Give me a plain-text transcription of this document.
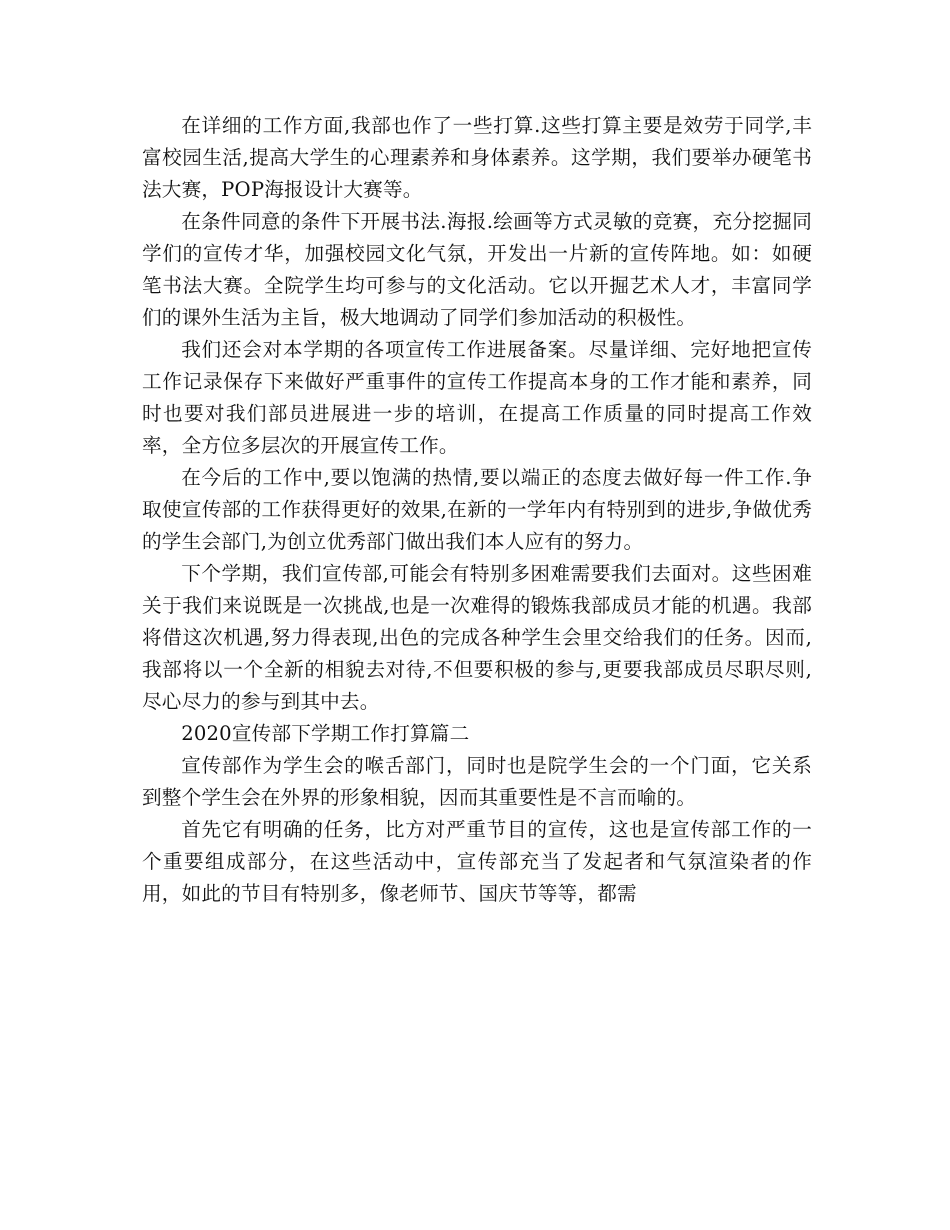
在详细的工作方面,我部也作了一些打算.这些打算主要是效劳于同学,丰富校园生活,提高大学生的心理素养和身体素养。这学期，我们要举办硬笔书法大赛，POP海报设计大赛等。

在条件同意的条件下开展书法.海报.绘画等方式灵敏的竞赛，充分挖掘同学们的宣传才华，加强校园文化气氛，开发出一片新的宣传阵地。如：如硬笔书法大赛。全院学生均可参与的文化活动。它以开掘艺术人才，丰富同学们的课外生活为主旨，极大地调动了同学们参加活动的积极性。

我们还会对本学期的各项宣传工作进展备案。尽量详细、完好地把宣传工作记录保存下来做好严重事件的宣传工作提高本身的工作才能和素养，同时也要对我们部员进展进一步的培训，在提高工作质量的同时提高工作效率，全方位多层次的开展宣传工作。

在今后的工作中,要以饱满的热情,要以端正的态度去做好每一件工作.争取使宣传部的工作获得更好的效果,在新的一学年内有特别到的进步,争做优秀的学生会部门,为创立优秀部门做出我们本人应有的努力。

下个学期，我们宣传部,可能会有特别多困难需要我们去面对。这些困难关于我们来说既是一次挑战,也是一次难得的锻炼我部成员才能的机遇。我部将借这次机遇,努力得表现,出色的完成各种学生会里交给我们的任务。因而,我部将以一个全新的相貌去对待,不但要积极的参与,更要我部成员尽职尽则,尽心尽力的参与到其中去。

2020宣传部下学期工作打算篇二

宣传部作为学生会的喉舌部门，同时也是院学生会的一个门面，它关系到整个学生会在外界的形象相貌，因而其重要性是不言而喻的。

首先它有明确的任务，比方对严重节目的宣传，这也是宣传部工作的一个重要组成部分，在这些活动中，宣传部充当了发起者和气氛渲染者的作用，如此的节目有特别多，像老师节、国庆节等等，都需
